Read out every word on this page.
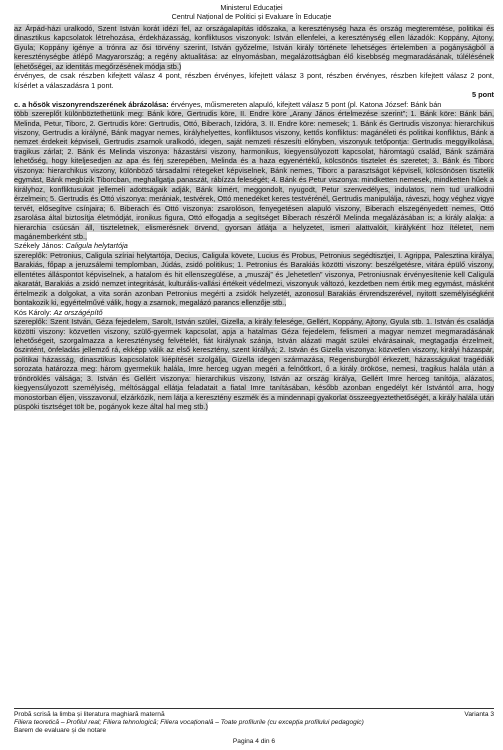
Ministerul Educației
Centrul Național de Politici și Evaluare în Educație

az Árpád-házi uralkodó, Szent István korát idézi fel, az országalapítás időszaka, a kereszténység haza és ország megteremtése, politikai és dinasztikus kapcsolatok létrehozása, érdekházasság, konfliktusos viszonyok: István ellenfelei, a kereszténység ellen lázadók: Koppány, Ajtony, Gyula; Koppány igénye a trónra az ősi törvény szerint, István győzelme, István király története lehetséges értelemben a pogányságból a kereszténységbe átlépő Magyarország; a regény aktualitása: az elnyomásban, megalázottságban élő kisebbség megmaradásának, túlélésének lehetőségei, az identitás megőrzésének módja stb.)

érvényes, de csak részben kifejtett válasz 4 pont, részben érvényes, kifejtett válasz 3 pont, részben érvényes, részben kifejtett válasz 2 pont, kísérlet a válaszadásra 1 pont.

5 pont

c. a hősök viszonyrendszerének ábrázolása: érvényes, műismereten alapuló, kifejtett válasz 5 pont (pl. Katona József: Bánk bán

több szereplőt különböztethetünk meg: Bánk köre, Gertrudis köre, II. Endre köre „Arany János értelmezése szerint”; 1. Bánk köre: Bánk bán, Melinda, Petur, Tiborc, 2. Gertrudis köre: Gertrudis, Ottó, Biberach, Izidóra, 3. II. Endre köre: nemesek; 1. Bánk és Gertrudis viszonya: hierarchikus viszony, Gertrudis a királyné, Bánk magyar nemes, királyhelyettes, konfliktusos viszony, kettős konfliktus: magánéleti és politikai konfliktus, Bánk a nemzet érdekeit képviseli, Gertrudis zsarnok uralkodó, idegen, saját nemzeti részesíti előnyben, viszonyuk tetőpontja: Gertrudis meggyilkolása, tragikus zárlat; 2. Bánk és Melinda viszonya: házastársi viszony, harmonikus, kiegyensúlyozott kapcsolat, háromtagú család, Bánk számára lehetőség, hogy kiteljesedjen az apa és férj szerepében, Melinda és a haza egyenértékű, kölcsönös tisztelet és szeretet; 3. Bánk és Tiborc viszonya: hierarchikus viszony, különböző társadalmi rétegeket képviselnek, Bánk nemes, Tiborc a parasztságot képviseli, kölcsönösen tisztelik egymást, Bánk megbízik Tiborcban, meghallgatja panaszát, rábízza feleségét; 4. Bánk és Petur viszonya: mindketten nemesek, mindketten hűek a királyhoz, konfliktusukat jellemeli adottságaik adják, Bánk kimért, meggondolt, nyugodt, Petur szenvedélyes, indulatos, nem tud uralkodni érzelmein; 5. Gertrudis és Ottó viszonya: meránіak, testvérek, Ottó menedéket keres testvérénél, Gertrudis manipulálja, ráveszi, hogy véghez vigye tervét, elősegítve csínjaira; 6. Biberach és Ottó viszonya: zsarolóson, fenyegetésen alapuló viszony, Biberach elszegényedett nemes, Ottó zsarolása által biztosítja életmódját, ironikus figura, Ottó elfogadja a segítséget Biberach részéről Melinda megalázásában is; a király alakja: a hierarchia csúcsán áll, tiszteletnek, elismerésnek örvend, gyorsan átlátja a helyzetet, ismeri alattvalóit, királyként hoz ítéletet, nem magánemberként stb.,

Székely János: Caligula helytartója

szereplők: Petronius, Caligula szíriai helytartója, Decius, Caligula követe, Lucius és Probus, Petronius segédtisztjei, I. Agrippa, Palesztina királya, Barakiás, főpap a jeruzsálemi templomban, Júdás, zsidó politikus; 1. Petronius és Barakiás közötti viszony: beszélgetésre, vitára épülő viszony, ellentétes álláspontot képviselnek, a hatalom és hit ellenszegülése, a „muszáj” és „lehetetlen” viszonya, Petroniusnak érvényesítenie kell Caligula akaratát, Barakiás a zsidó nemzet integritását, kulturális-vallási értékeit védelmezi, viszonyuk változó, kezdetben nem értik meg egymást, másként értelmezik a dolgokat, a vita során azonban Petronius megérti a zsidók helyzetét, azonosul Barakiás érvrendszerével, nyitott személyiségként bontakozik ki, egyértelművé válik, hogy a zsarnok, megalázó parancs ellenzője stb.,

Kós Károly: Az országépítő

szereplők: Szent István, Géza fejedelem, Sarolt, István szülei, Gizella, a király felesége, Gellért, Koppány, Ajtony, Gyula stb. 1. István és családja közötti viszony: közvetlen viszony, szülő-gyermek kapcsolat, apja a hatalmas Géza fejedelem, felismeri a magyar nemzet megmaradásának lehetőségeit, szorgalmazza a kereszténység felvételét, fiát királynak szánja, István alázati magát szülei elvárásainak, megtagadja érzelmeit, öszintént, önfeladás jellemző rá, ekképp válik az első keresztény, szent királlyá; 2. István és Gizella viszonya: közvetlen viszony, királyi házaspár, politikai házasság, dinasztikus kapcsolatok kiépítését szolgálja, Gizella idegen származása, Regensburgból érkezett, házasságukat tragédiák sorozata határozza meg: három gyermekük halála, Imre herceg ugyan megéri a felnőttkort, ő a király örököse, nemesi, tragikus halála után a trónöröklés válsága; 3. István és Gellért viszonya: hierarchikus viszony, István az ország királya, Gellért Imre herceg tanítója, alázatos, kiegyensúlyozott személyiség, méltósággal ellátja feladatait a fiatal Imre tanításában, később azonban engedélyt kér Istvántól arra, hogy monostorban éljen, visszavonul, elzárkózik, nem látja a keresztény eszmék és a mindennapi gyakorlat összeegyeztethetőségét, a király halála után püspöki tisztséget tölt be, pogányok keze által hal meg stb.)

Probă scrisă la limba și literatura maghiară maternă	Varianta 3
Filiera teoretică – Profilul real; Filiera tehnologică; Filiera vocațională – Toate profilurile (cu excepția profilului pedagogic)
Barem de evaluare și de notare
Pagina 4 din 6
